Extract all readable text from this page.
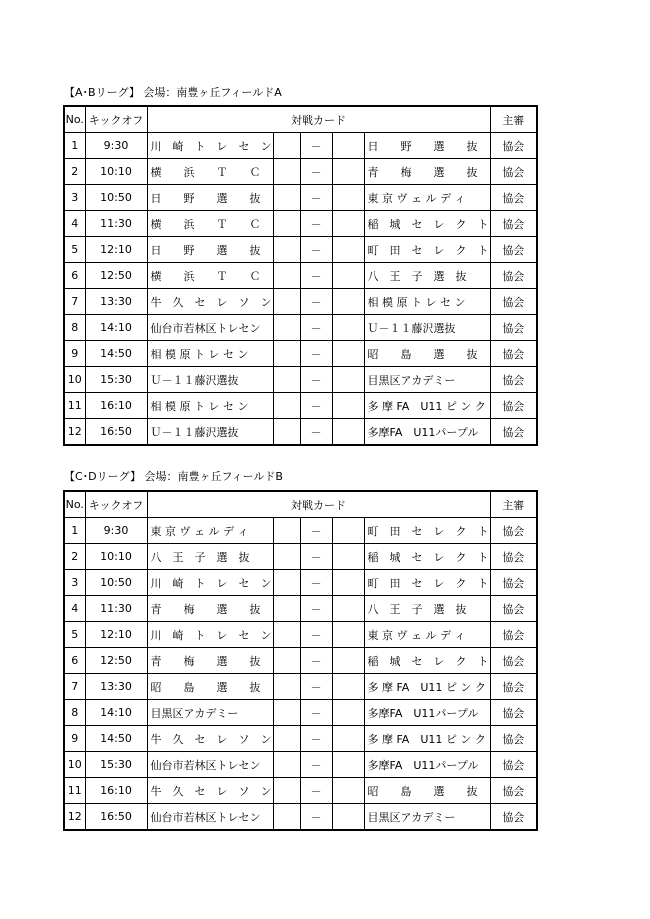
【A･Bリーグ】 会場：南豊ヶ丘フィールドA
No.	キックオフ	対戦カード					主審
1	9:30	川　崎　ト　レ　セ　ン		－		日　　野　　選　　抜	協会
2	10:10	横　　浜　　Ｔ　　Ｃ		－		青　　梅　　選　　抜	協会
3	10:50	日　　野　　選　　抜		－		東 京 ヴ ェ ル デ ィ	協会
4	11:30	横　　浜　　Ｔ　　Ｃ		－		稲　城　セ　レ　ク　ト	協会
5	12:10	日　　野　　選　　抜		－		町　田　セ　レ　ク　ト	協会
6	12:50	横　　浜　　Ｔ　　Ｃ		－		八　王　子　選　抜	協会
7	13:30	牛　久　セ　レ　ソ　ン		－		相 模 原 ト レ セ ン	協会
8	14:10	仙台市若林区トレセン		－		Ｕ－１１藤沢選抜	協会
9	14:50	相 模 原 ト レ セ ン		－		昭　　島　　選　　抜	協会
10	15:30	Ｕ－１１藤沢選抜		－		目黒区アカデミー	協会
11	16:10	相 模 原 ト レ セ ン		－		多 摩 FA　U11 ピ ン ク	協会
12	16:50	Ｕ－１１藤沢選抜		－		多摩FA　U11パープル	協会
【C･Dリーグ】 会場：南豊ヶ丘フィールドB
No.	キックオフ	対戦カード					主審
1	9:30	東 京 ヴ ェ ル デ ィ		－		町　田　セ　レ　ク　ト	協会
2	10:10	八　王　子　選　抜		－		稲　城　セ　レ　ク　ト	協会
3	10:50	川　崎　ト　レ　セ　ン		－		町　田　セ　レ　ク　ト	協会
4	11:30	青　　梅　　選　　抜		－		八　王　子　選　抜	協会
5	12:10	川　崎　ト　レ　セ　ン		－		東 京 ヴ ェ ル デ ィ	協会
6	12:50	青　　梅　　選　　抜		－		稲　城　セ　レ　ク　ト	協会
7	13:30	昭　　島　　選　　抜		－		多 摩 FA　U11 ピ ン ク	協会
8	14:10	目黒区アカデミー		－		多摩FA　U11パープル	協会
9	14:50	牛　久　セ　レ　ソ　ン		－		多 摩 FA　U11 ピ ン ク	協会
10	15:30	仙台市若林区トレセン		－		多摩FA　U11パープル	協会
11	16:10	牛　久　セ　レ　ソ　ン		－		昭　　島　　選　　抜	協会
12	16:50	仙台市若林区トレセン		－		目黒区アカデミー	協会
